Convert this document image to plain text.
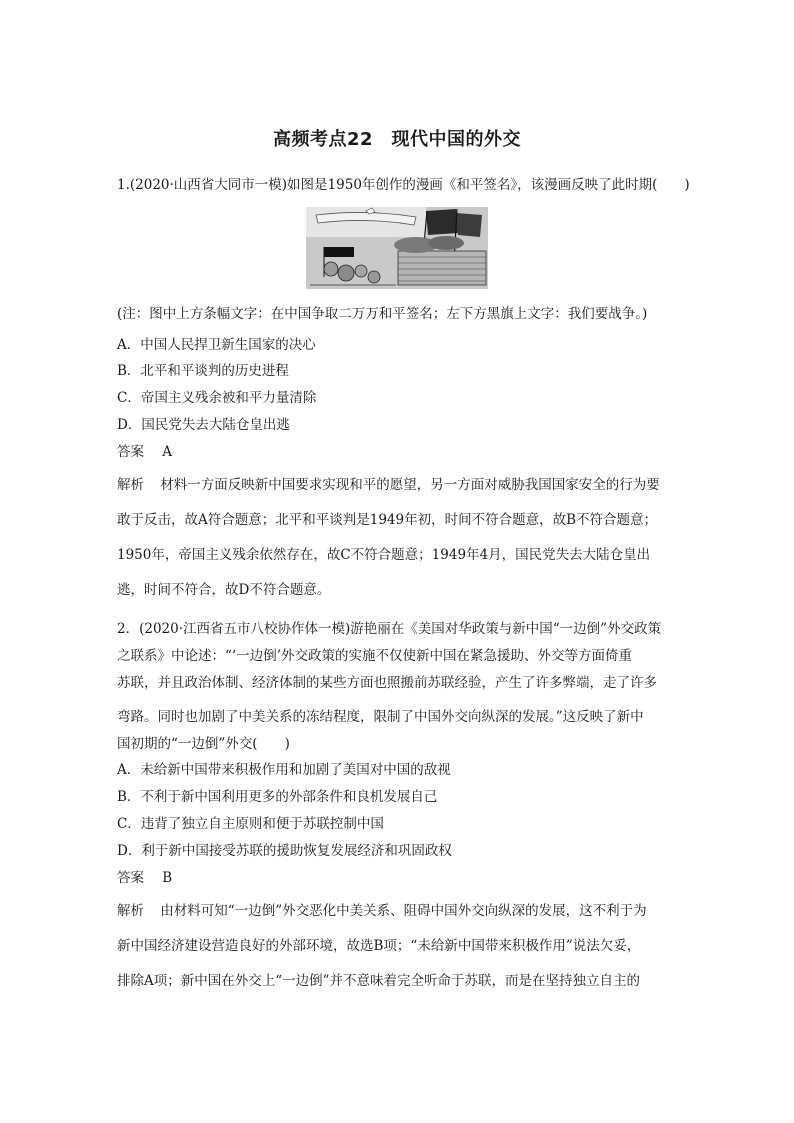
高频考点22　现代中国的外交
1.(2020·山西省大同市一模)如图是1950年创作的漫画《和平签名》，该漫画反映了此时期(　　)
(注：图中上方条幅文字：在中国争取二万万和平签名；左下方黑旗上文字：我们要战争。)
A．中国人民捍卫新生国家的决心
B．北平和平谈判的历史进程
C．帝国主义残余被和平力量清除
D．国民党失去大陆仓皇出逃
答案 A
解析 材料一方面反映新中国要求实现和平的愿望，另一方面对威胁我国国家安全的行为要
敢于反击，故A符合题意；北平和平谈判是1949年初，时间不符合题意，故B不符合题意；
1950年，帝国主义残余依然存在，故C不符合题意；1949年4月，国民党失去大陆仓皇出
逃，时间不符合，故D不符合题意。
2．(2020·江西省五市八校协作体一模)游艳丽在《美国对华政策与新中国“一边倒”外交政策
之联系》中论述：“‘一边倒’外交政策的实施不仅使新中国在紧急援助、外交等方面倚重
苏联，并且政治体制、经济体制的某些方面也照搬前苏联经验，产生了许多弊端，走了许多
弯路。同时也加剧了中美关系的冻结程度，限制了中国外交向纵深的发展。”这反映了新中
国初期的“一边倒”外交(　　)
A．未给新中国带来积极作用和加剧了美国对中国的敌视
B．不利于新中国利用更多的外部条件和良机发展自己
C．违背了独立自主原则和便于苏联控制中国
D．利于新中国接受苏联的援助恢复发展经济和巩固政权
答案 B
解析 由材料可知“一边倒”外交恶化中美关系、阻碍中国外交向纵深的发展，这不利于为
新中国经济建设营造良好的外部环境，故选B项；“未给新中国带来积极作用”说法欠妥，
排除A项；新中国在外交上“一边倒”并不意味着完全听命于苏联，而是在坚持独立自主的
